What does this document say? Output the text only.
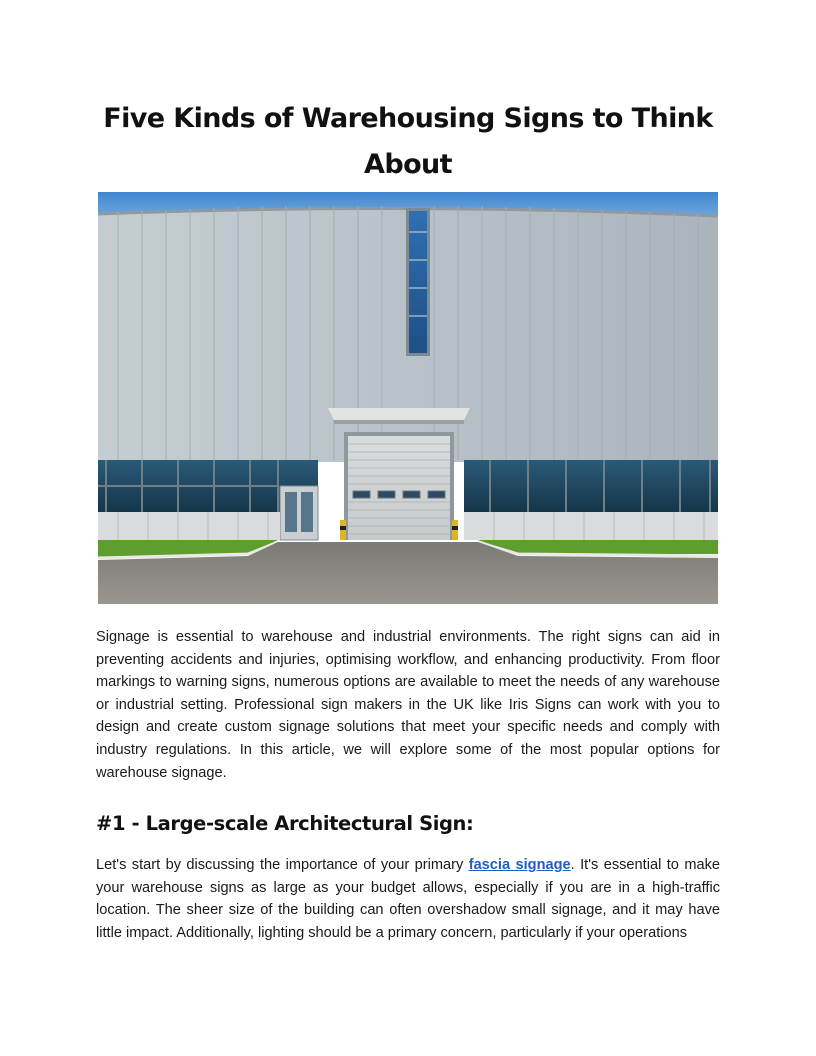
Five Kinds of Warehousing Signs to Think About

Signage is essential to warehouse and industrial environments. The right signs can aid in preventing accidents and injuries, optimising workflow, and enhancing productivity. From floor markings to warning signs, numerous options are available to meet the needs of any warehouse or industrial setting. Professional sign makers in the UK like Iris Signs can work with you to design and create custom signage solutions that meet your specific needs and comply with industry regulations. In this article, we will explore some of the most popular options for warehouse signage.

#1 - Large-scale Architectural Sign:

Let's start by discussing the importance of your primary fascia signage. It's essential to make your warehouse signs as large as your budget allows, especially if you are in a high-traffic location. The sheer size of the building can often overshadow small signage, and it may have little impact. Additionally, lighting should be a primary concern, particularly if your operations
